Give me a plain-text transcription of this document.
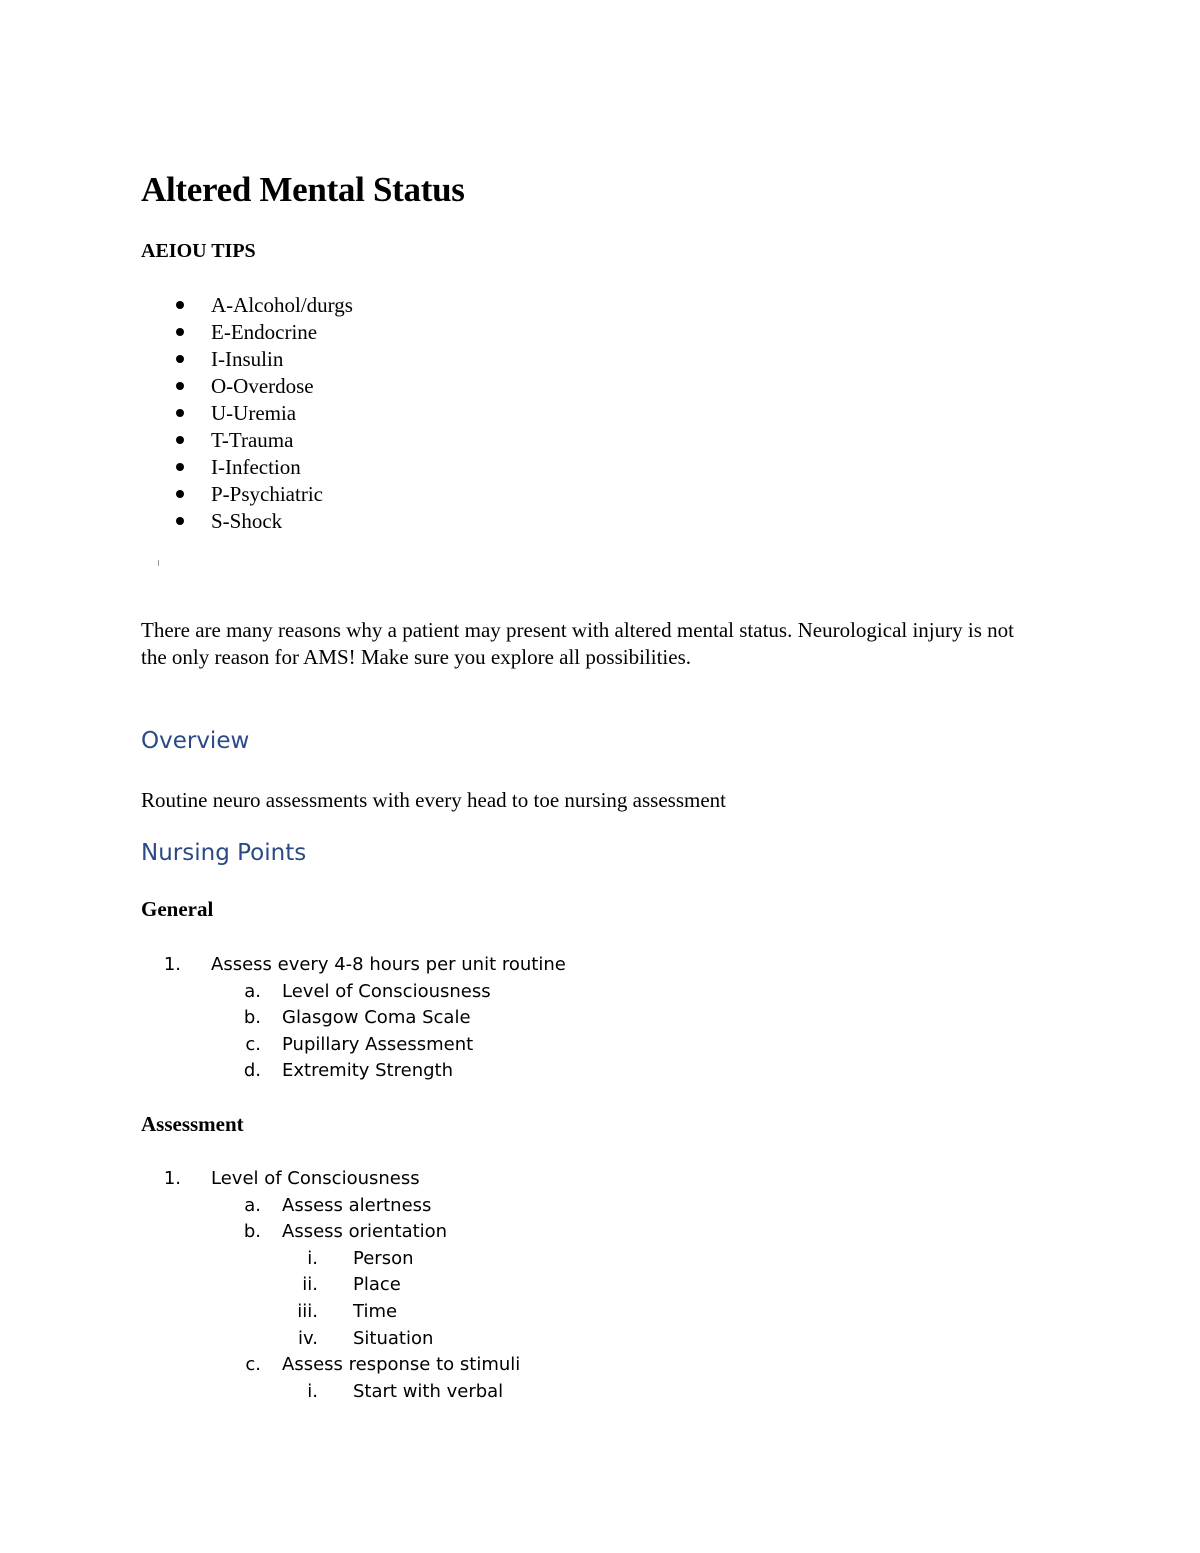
Altered Mental Status

AEIOU TIPS

A-Alcohol/durgs
E-Endocrine
I-Insulin
O-Overdose
U-Uremia
T-Trauma
I-Infection
P-Psychiatric
S-Shock

There are many reasons why a patient may present with altered mental status. Neurological injury is not the only reason for AMS! Make sure you explore all possibilities.

Overview

Routine neuro assessments with every head to toe nursing assessment

Nursing Points
General
1. Assess every 4-8 hours per unit routine
a. Level of Consciousness
b. Glasgow Coma Scale
c. Pupillary Assessment
d. Extremity Strength
Assessment
1. Level of Consciousness
a. Assess alertness
b. Assess orientation
i. Person
ii. Place
iii. Time
iv. Situation
c. Assess response to stimuli
i. Start with verbal
